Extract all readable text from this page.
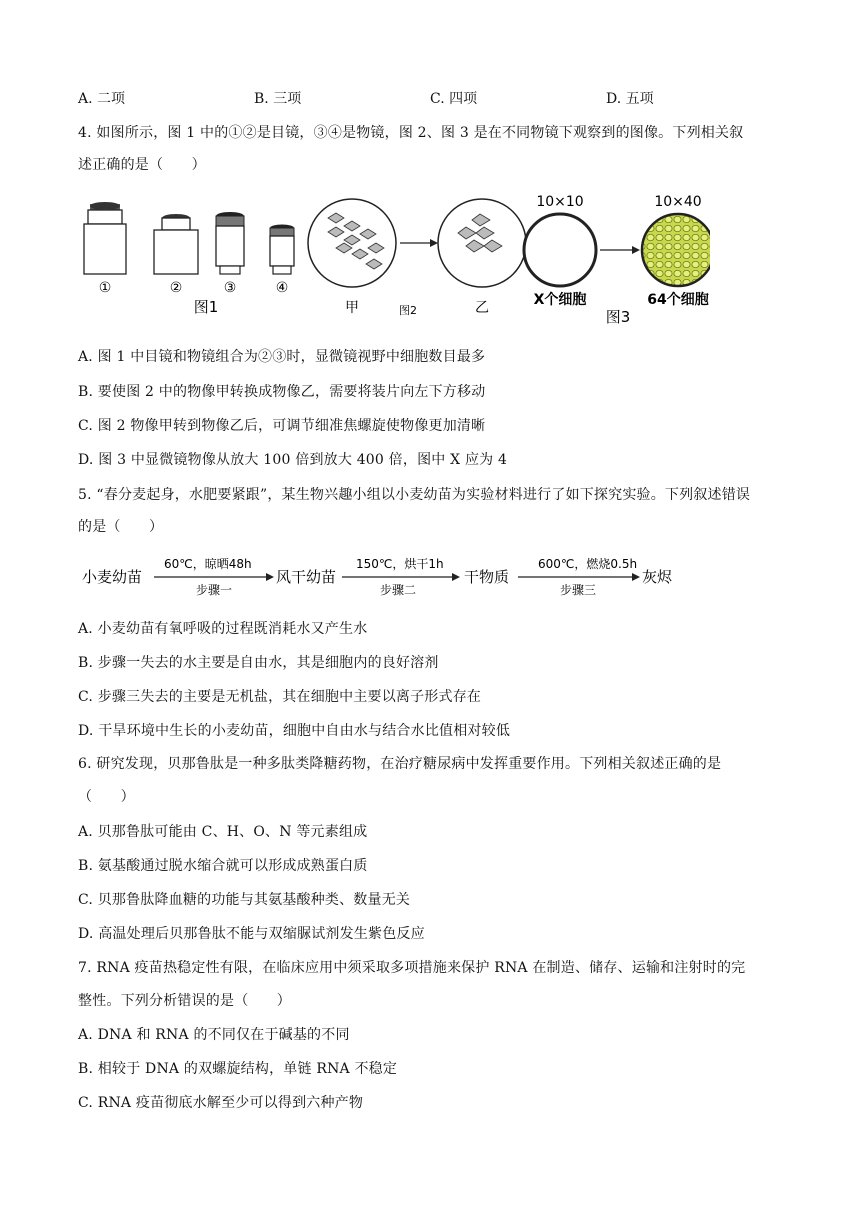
A. 二项	B. 三项	C. 四项	D. 五项
4. 如图所示，图 1 中的①②是目镜，③④是物镜，图 2、图 3 是在不同物镜下观察到的图像。下列相关叙
述正确的是（　　）
①	②	③	④
图1	甲	图2	乙
10×10
X个细胞
10×40
64个细胞
图3
A. 图 1 中目镜和物镜组合为②③时，显微镜视野中细胞数目最多
B. 要使图 2 中的物像甲转换成物像乙，需要将装片向左下方移动
C. 图 2 物像甲转到物像乙后，可调节细准焦螺旋使物像更加清晰
D. 图 3 中显微镜物像从放大 100 倍到放大 400 倍，图中 X 应为 4
5. “春分麦起身，水肥要紧跟”，某生物兴趣小组以小麦幼苗为实验材料进行了如下探究实验。下列叙述错误
的是（　　）
小麦幼苗
60℃，晾晒48h
步骤一
风干幼苗
150℃，烘干1h
步骤二
干物质
600℃，燃烧0.5h
步骤三
灰烬
A. 小麦幼苗有氧呼吸的过程既消耗水又产生水
B. 步骤一失去的水主要是自由水，其是细胞内的良好溶剂
C. 步骤三失去的主要是无机盐，其在细胞中主要以离子形式存在
D. 干旱环境中生长的小麦幼苗，细胞中自由水与结合水比值相对较低
6. 研究发现，贝那鲁肽是一种多肽类降糖药物，在治疗糖尿病中发挥重要作用。下列相关叙述正确的是
（　　）
A. 贝那鲁肽可能由 C、H、O、N 等元素组成
B. 氨基酸通过脱水缩合就可以形成成熟蛋白质
C. 贝那鲁肽降血糖的功能与其氨基酸种类、数量无关
D. 高温处理后贝那鲁肽不能与双缩脲试剂发生紫色反应
7. RNA 疫苗热稳定性有限，在临床应用中须采取多项措施来保护 RNA 在制造、储存、运输和注射时的完
整性。下列分析错误的是（　　）
A. DNA 和 RNA 的不同仅在于碱基的不同
B. 相较于 DNA 的双螺旋结构，单链 RNA 不稳定
C. RNA 疫苗彻底水解至少可以得到六种产物
